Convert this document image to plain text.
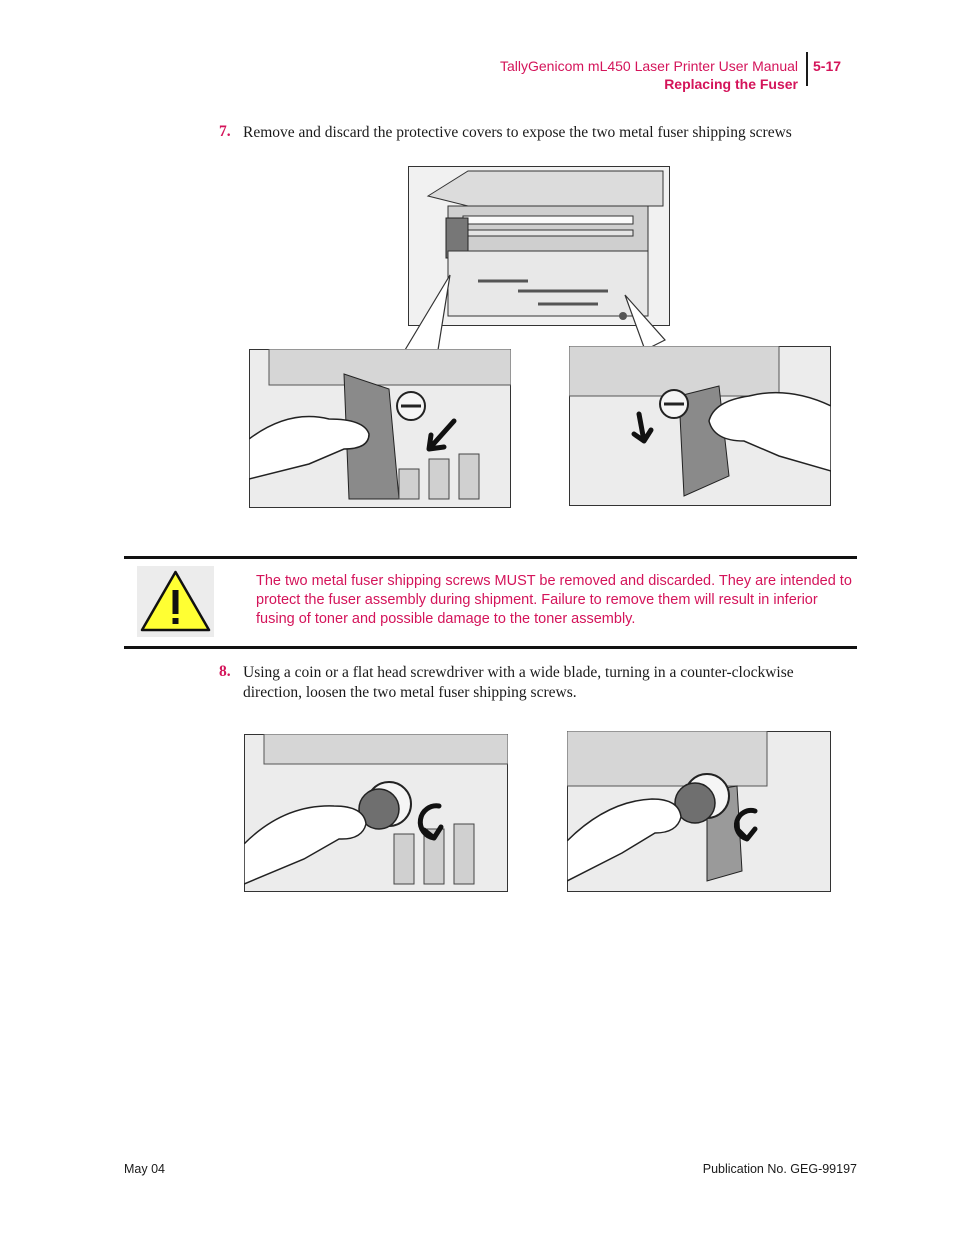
TallyGenicom mL450 Laser Printer User Manual
Replacing the Fuser
5-17
7. Remove and discard the protective covers to expose the two metal fuser shipping screws
The two metal fuser shipping screws MUST be removed and discarded. They are intended to protect the fuser assembly during shipment. Failure to remove them will result in inferior fusing of toner and possible damage to the toner assembly.
8. Using a coin or a flat head screwdriver with a wide blade, turning in a counter-clockwise direction, loosen the two metal fuser shipping screws.
May 04	Publication No. GEG-99197
